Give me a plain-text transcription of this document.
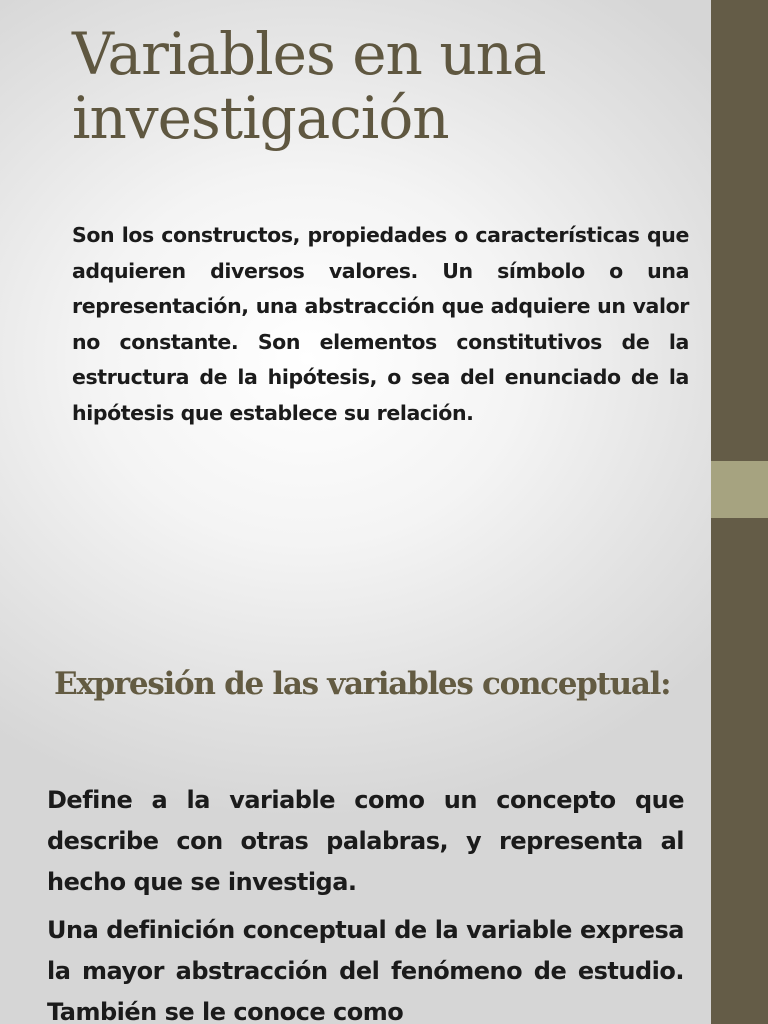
Variables en una investigación

Son los constructos, propiedades o características que adquieren diversos valores. Un símbolo o una representación, una abstracción que adquiere un valor no constante. Son elementos constitutivos de la estructura de la hipótesis, o sea del enunciado de la hipótesis que establece su relación.

Expresión de las variables conceptual:

Define a la variable como un concepto que describe con otras palabras, y representa al hecho que se investiga.

Una definición conceptual de la variable expresa la mayor abstracción del fenómeno de estudio. También se le conoce como
